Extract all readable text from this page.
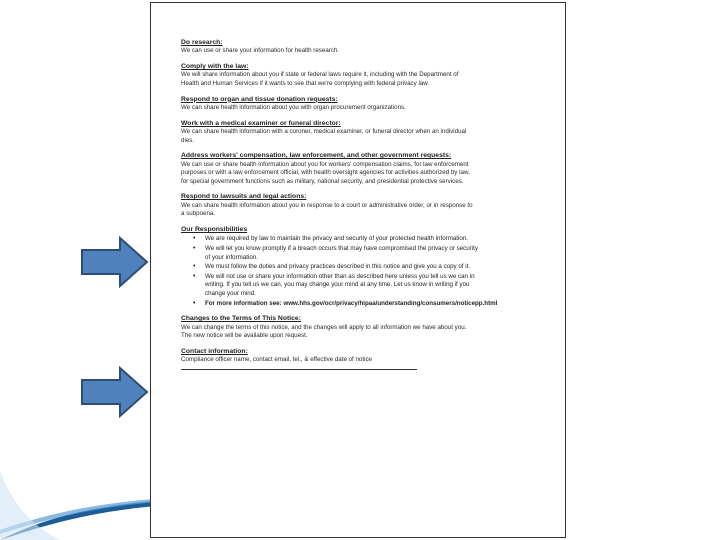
Do research:
We can use or share your information for health research.
Comply with the law:
We will share information about you if state or federal laws require it, including with the Department of
Health and Human Services if it wants to see that we're complying with federal privacy law.
Respond to organ and tissue donation requests:
We can share health information about you with organ procurement organizations.
Work with a medical examiner or funeral director:
We can share health information with a coroner, medical examiner, or funeral director when an individual
dies.
Address workers' compensation, law enforcement, and other government requests:
We can use or share health information about you for workers' compensation claims, for law enforcement
purposes or with a law enforcement official, with health oversight agencies for activities authorized by law,
for special government functions such as military, national security, and presidential protective services.
Respond to lawsuits and legal actions:
We can share health information about you in response to a court or administrative order, or in response to
a subpoena.
Our Responsibilities
• We are required by law to maintain the privacy and security of your protected health information.
• We will let you know promptly if a breach occurs that may have compromised the privacy or security
of your information.
• We must follow the duties and privacy practices described in this notice and give you a copy of it.
• We will not use or share your information other than as described here unless you tell us we can in
writing. If you tell us we can, you may change your mind at any time. Let us know in writing if you
change your mind.
• For more information see: www.hhs.gov/ocr/privacy/hipaa/understanding/consumers/noticepp.html
Changes to the Terms of This Notice:
We can change the terms of this notice, and the changes will apply to all information we have about you.
The new notice will be available upon request.
Contact information:
Compliance officer name, contact email, tel., & effective date of notice
